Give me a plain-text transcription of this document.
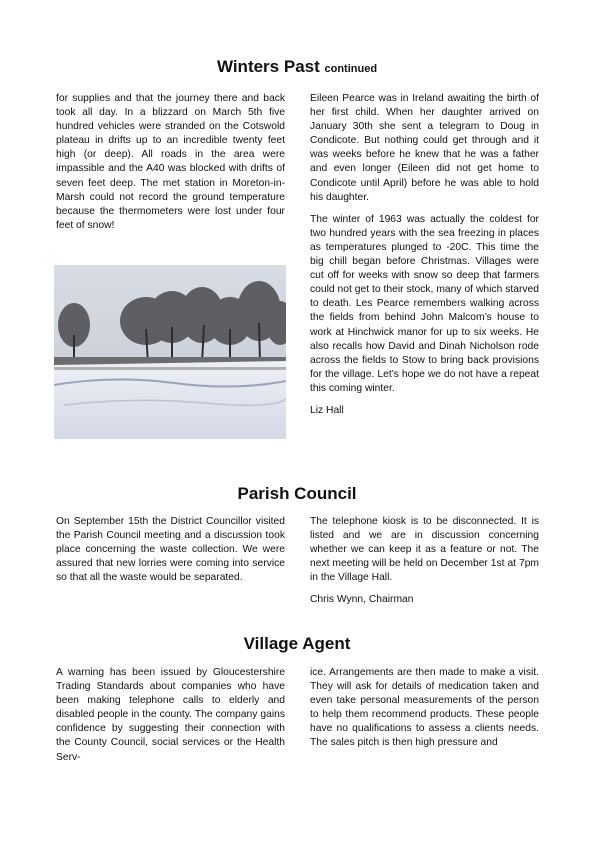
Winters Past continued

for supplies and that the journey there and back took all day. In a blizzard on March 5th five hundred vehicles were stranded on the Cotswold plateau in drifts up to an incredible twenty feet high (or deep). All roads in the area were impassible and the A40 was blocked with drifts of seven feet deep. The met station in Moreton-in-Marsh could not record the ground temperature because the thermometers were lost under four feet of snow!

Eileen Pearce was in Ireland awaiting the birth of her first child. When her daughter arrived on January 30th she sent a telegram to Doug in Condicote. But nothing could get through and it was weeks before he knew that he was a father and even longer (Eileen did not get home to Condicote until April) before he was able to hold his daughter.

The winter of 1963 was actually the coldest for two hundred years with the sea freezing in places as temperatures plunged to -20C. This time the big chill began before Christmas. Villages were cut off for weeks with snow so deep that farmers could not get to their stock, many of which starved to death. Les Pearce remembers walking across the fields from behind John Malcom’s house to work at Hinchwick manor for up to six weeks. He also recalls how David and Dinah Nicholson rode across the fields to Stow to bring back provisions for the village. Let’s hope we do not have a repeat this coming winter.

Liz Hall

Parish Council

On September 15th the District Councillor visited the Parish Council meeting and a discussion took place concerning the waste collection. We were assured that new lorries were coming into service so that all the waste would be separated.

The telephone kiosk is to be disconnected. It is listed and we are in discussion concerning whether we can keep it as a feature or not. The next meeting will be held on December 1st at 7pm in the Village Hall.

Chris Wynn, Chairman

Village Agent

A warning has been issued by Gloucestershire Trading Standards about companies who have been making telephone calls to elderly and disabled people in the county. The company gains confidence by suggesting their connection with the County Council, social services or the Health Serv-

ice. Arrangements are then made to make a visit. They will ask for details of medication taken and even take personal measurements of the person to help them recommend products. These people have no qualifications to assess a clients needs. The sales pitch is then high pressure and
